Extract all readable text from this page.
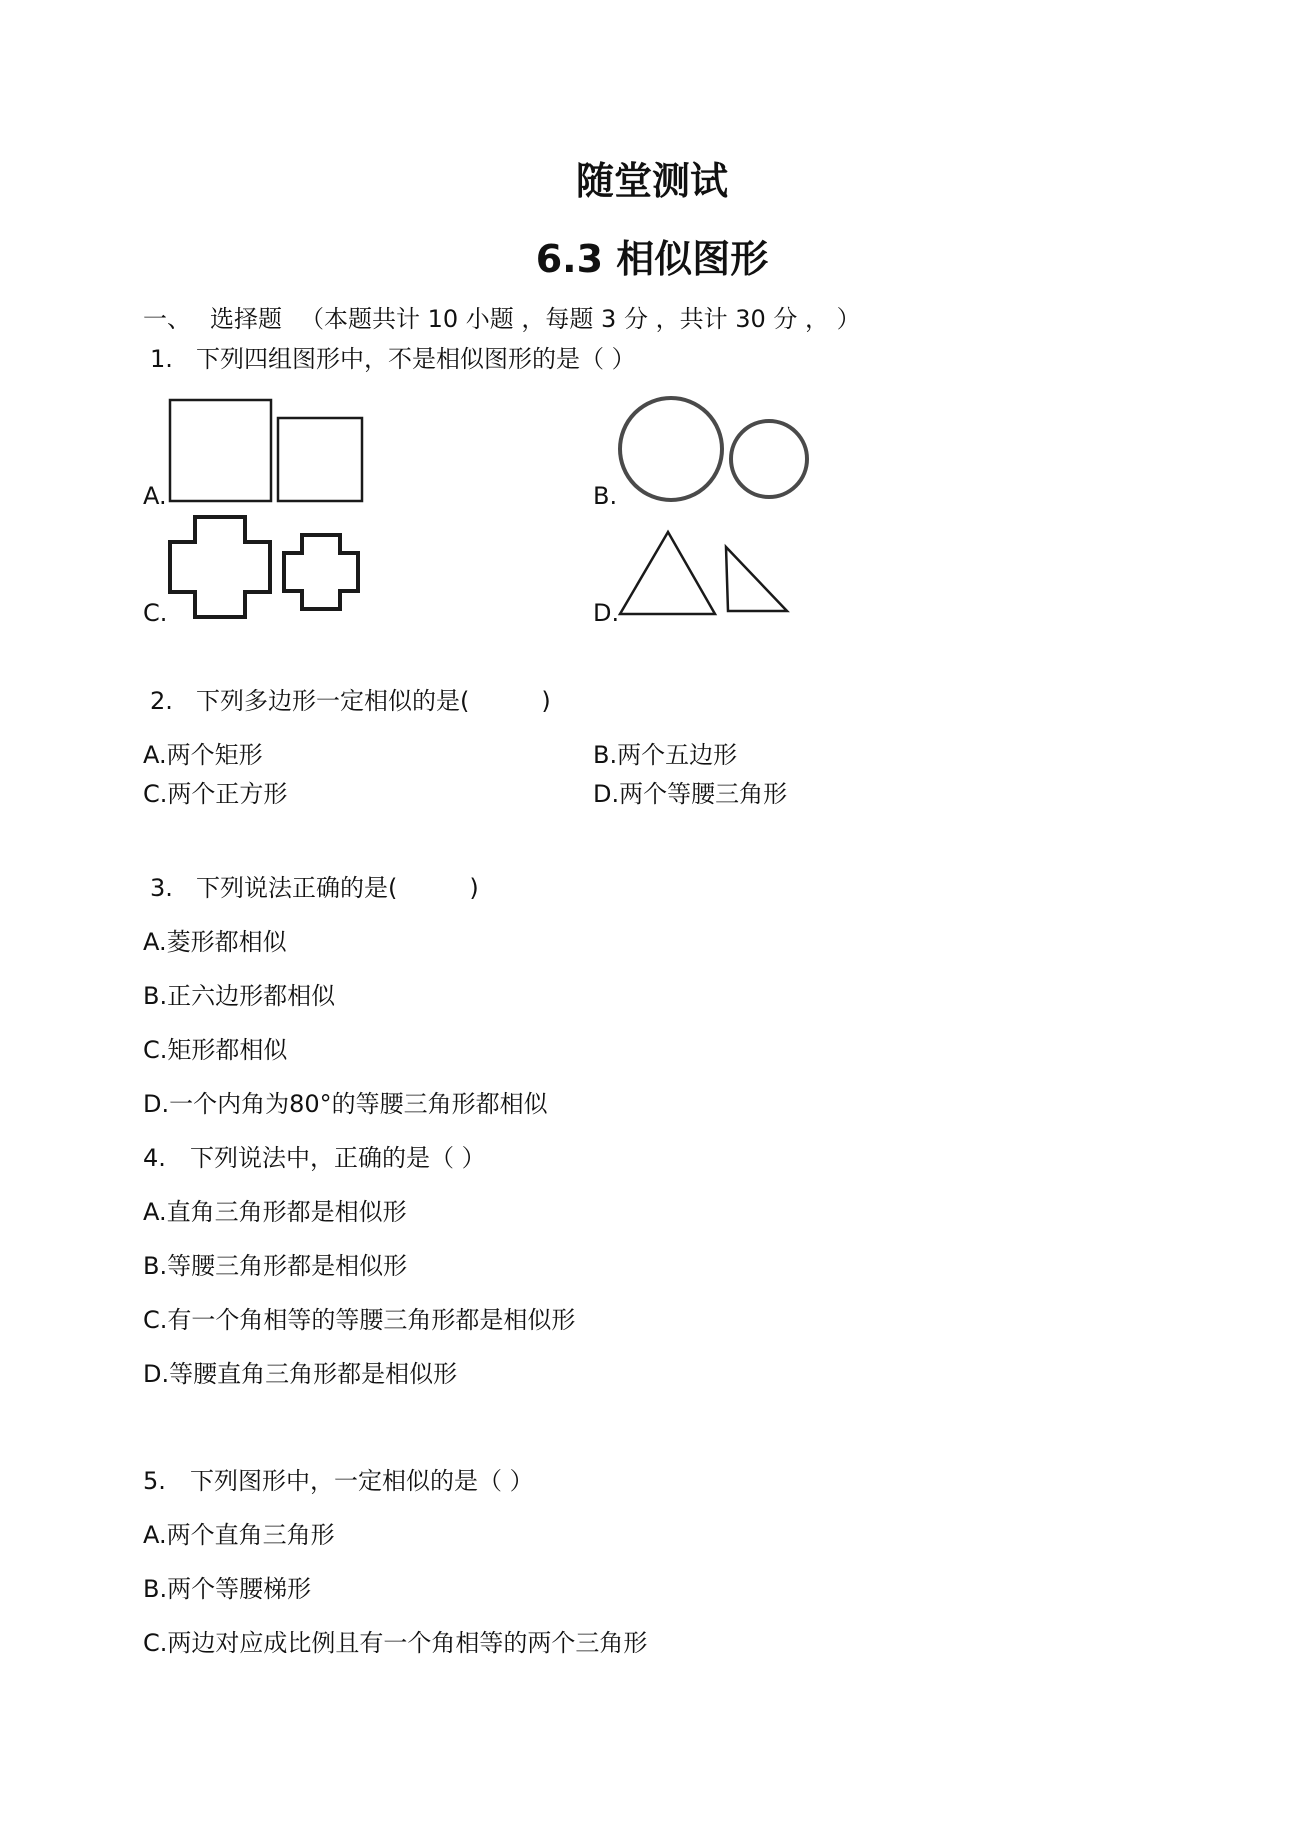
随堂测试
6.3 相似图形
一、 选择题 （本题共计 10 小题 ，每题 3 分 ，共计 30 分 ， ）
1. 下列四组图形中，不是相似图形的是（ ）
A.	B.
C.	D.
2. 下列多边形一定相似的是(　　　)
A.两个矩形	B.两个五边形
C.两个正方形	D.两个等腰三角形
3. 下列说法正确的是(　　　)
A.菱形都相似
B.正六边形都相似
C.矩形都相似
D.一个内角为80°的等腰三角形都相似
4. 下列说法中，正确的是（ ）
A.直角三角形都是相似形
B.等腰三角形都是相似形
C.有一个角相等的等腰三角形都是相似形
D.等腰直角三角形都是相似形
5. 下列图形中，一定相似的是（ ）
A.两个直角三角形
B.两个等腰梯形
C.两边对应成比例且有一个角相等的两个三角形
